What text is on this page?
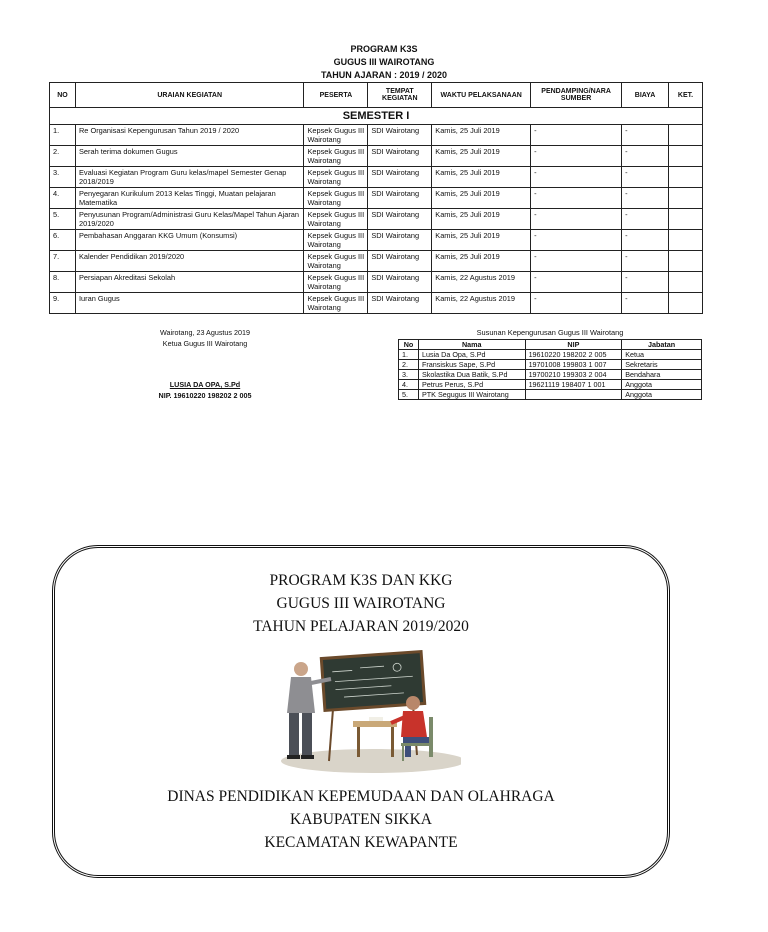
PROGRAM K3S
GUGUS III WAIROTANG
TAHUN AJARAN : 2019 / 2020
NO	URAIAN KEGIATAN	PESERTA	TEMPAT KEGIATAN	WAKTU PELAKSANAAN	PENDAMPING/NARA SUMBER	BIAYA	KET.
SEMESTER I							
1.	Re Organisasi Kepengurusan Tahun 2019 / 2020	Kepsek Gugus III Wairotang	SDI Wairotang	Kamis, 25 Juli 2019	-	-	
2.	Serah terima dokumen Gugus	Kepsek Gugus III Wairotang	SDI Wairotang	Kamis, 25 Juli 2019	-	-	
3.	Evaluasi Kegiatan Program Guru kelas/mapel Semester Genap 2018/2019	Kepsek Gugus III Wairotang	SDI Wairotang	Kamis, 25 Juli 2019	-	-	
4.	Penyegaran Kurikulum 2013 Kelas Tinggi, Muatan pelajaran Matematika	Kepsek Gugus III Wairotang	SDI Wairotang	Kamis, 25 Juli 2019	-	-	
5.	Penyusunan Program/Administrasi Guru Kelas/Mapel Tahun Ajaran 2019/2020	Kepsek Gugus III Wairotang	SDI Wairotang	Kamis, 25 Juli 2019	-	-	
6.	Pembahasan Anggaran KKG Umum (Konsumsi)	Kepsek Gugus III Wairotang	SDI Wairotang	Kamis, 25 Juli 2019	-	-	
7.	Kalender Pendidikan 2019/2020	Kepsek Gugus III Wairotang	SDI Wairotang	Kamis, 25 Juli 2019	-	-	
8.	Persiapan Akreditasi Sekolah	Kepsek Gugus III Wairotang	SDI Wairotang	Kamis, 22 Agustus 2019	-	-	
9.	Iuran Gugus	Kepsek Gugus III Wairotang	SDI Wairotang	Kamis, 22 Agustus 2019	-	-	
Wairotang, 23 Agustus 2019
Ketua Gugus III Wairotang
LUSIA DA OPA, S.Pd
NIP. 19610220 198202 2 005
Susunan Kepengurusan Gugus III Wairotang
No	Nama	NIP	Jabatan
1.	Lusia Da Opa, S.Pd	19610220 198202 2 005	Ketua
2.	Fransiskus Sape, S.Pd	19701008 199803 1 007	Sekretaris
3.	Skolastika Dua Batik, S.Pd	19700210 199303 2 004	Bendahara
4.	Petrus Perus, S.Pd	19621119 198407 1 001	Anggota
5.	PTK Segugus III Wairotang		Anggota
PROGRAM K3S DAN KKG
GUGUS III WAIROTANG
TAHUN PELAJARAN 2019/2020
DINAS PENDIDIKAN KEPEMUDAAN DAN OLAHRAGA
KABUPATEN SIKKA
KECAMATAN KEWAPANTE
